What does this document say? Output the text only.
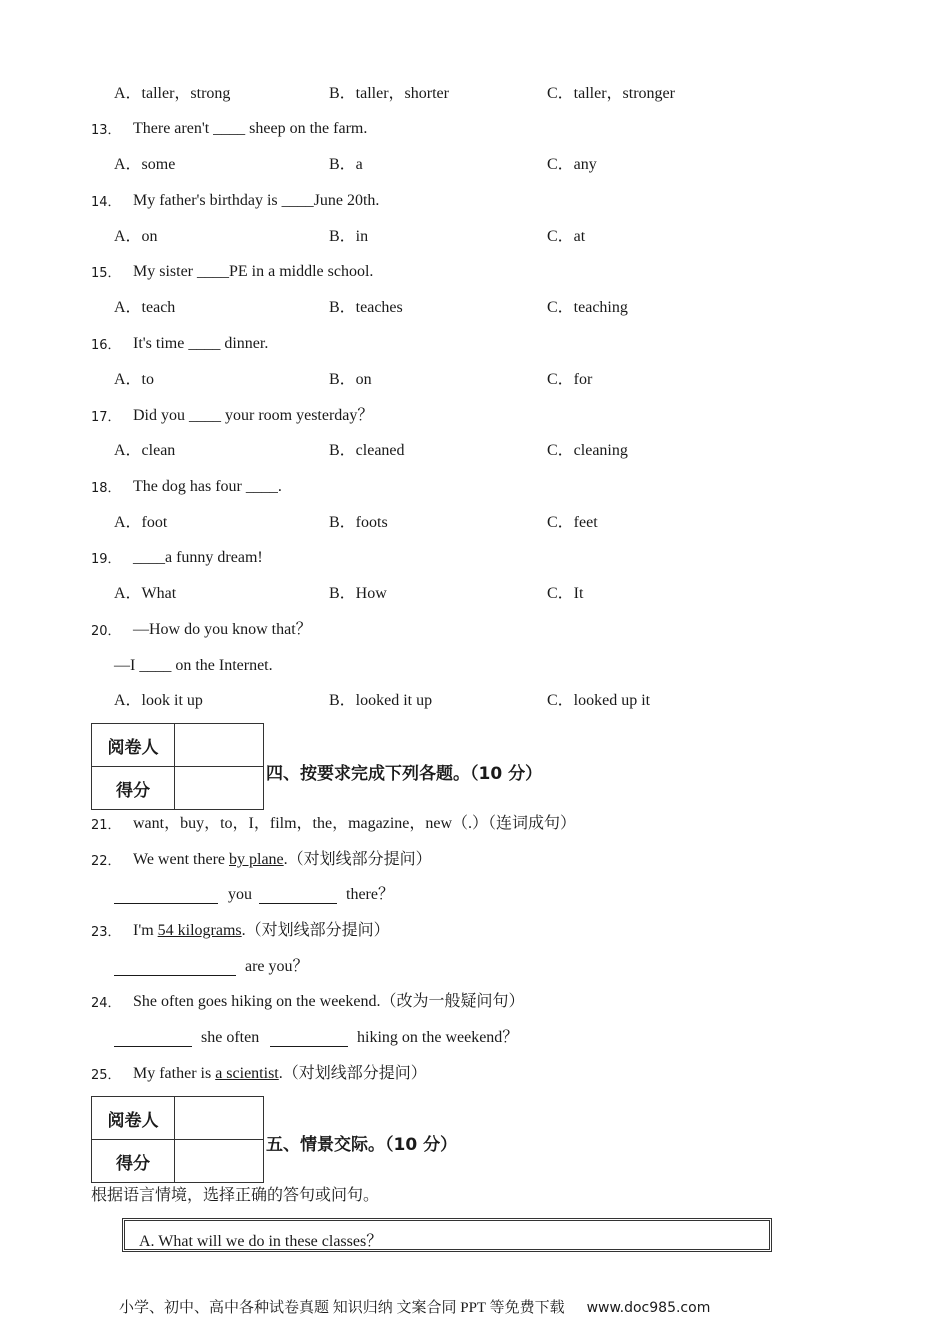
A．taller，strong	B．taller，shorter	C．taller，stronger
13． There aren't ____ sheep on the farm.
A．some	B．a	C．any
14． My father's birthday is ____June 20th.
A．on	B．in	C．at
15． My sister ____PE in a middle school.
A．teach	B．teaches	C．teaching
16． It's time ____ dinner.
A．to	B．on	C．for
17． Did you ____ your room yesterday？
A．clean	B．cleaned	C．cleaning
18． The dog has four ____.
A．foot	B．foots	C．feet
19． ____a funny dream!
A．What	B．How	C．It
20． —How do you know that？
—I ____ on the Internet.
A．look it up	B．looked it up	C．looked up it
阅卷人	
得分	
四、按要求完成下列各题。（10 分）
21． want，buy，to，I，film，the，magazine，new（.）（连词成句）
22． We went there by plane.（对划线部分提问）
you	there？
23． I'm 54 kilograms.（对划线部分提问）
are you？
24． She often goes hiking on the weekend.（改为一般疑问句）
she often	hiking on the weekend？
25． My father is a scientist.（对划线部分提问）
阅卷人	
得分	
五、情景交际。（10 分）
根据语言情境，选择正确的答句或问句。
A. What will we do in these classes？
小学、初中、高中各种试卷真题 知识归纳 文案合同 PPT 等免费下载 www.doc985.com
